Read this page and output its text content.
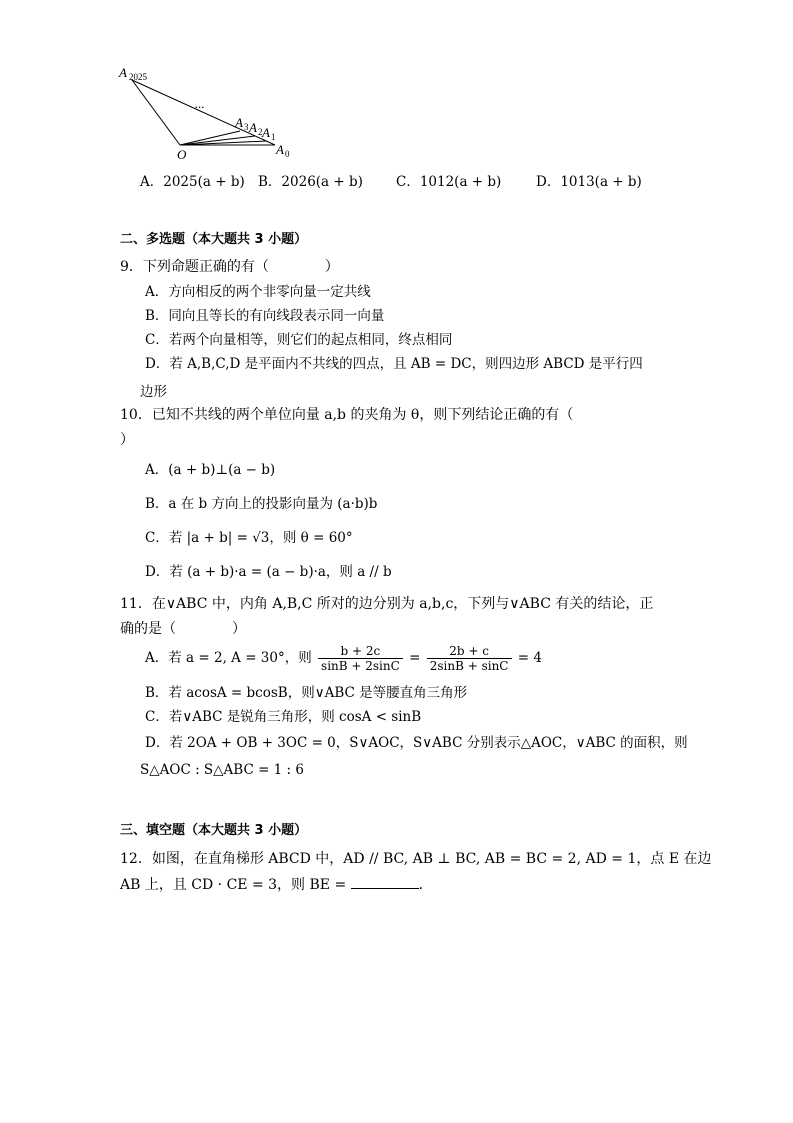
A 2025
...
A 3 A 2 A 1
A 0
O
A．2025(a + b) B．2026(a + b) C．1012(a + b)	D．1013(a + b)
二、多选题（本大题共 3 小题）
9．下列命题正确的有（　　　　）
A．方向相反的两个非零向量一定共线
B．同向且等长的有向线段表示同一向量
C．若两个向量相等，则它们的起点相同，终点相同
D．若 A,B,C,D 是平面内不共线的四点，且 AB = DC，则四边形 ABCD 是平行四
边形
10．已知不共线的两个单位向量 a,b 的夹角为 θ，则下列结论正确的有（
）
A．(a + b)⊥(a − b)
B．a 在 b 方向上的投影向量为 (a·b)b
C．若 |a + b| = √3，则 θ = 60°
D．若 (a + b)·a = (a − b)·a，则 a // b
11．在∨ABC 中，内角 A,B,C 所对的边分别为 a,b,c，下列与∨ABC 有关的结论，正
确的是（　　　　）
A．若 a = 2, A = 30°，则 $\frac{b + 2c}{\sin B + 2\sin C} = \frac{2b + c}{2\sin B + \sin C} = 4$
B．若 acosA = bcosB，则∨ABC 是等腰直角三角形
C．若∨ABC 是锐角三角形，则 cosA < sinB
D．若 2OA + OB + 3OC = 0，S∨AOC，S∨ABC 分别表示△AOC，∨ABC 的面积，则
S△AOC : S△ABC = 1 : 6
三、填空题（本大题共 3 小题）
12．如图，在直角梯形 ABCD 中，AD // BC, AB ⊥ BC, AB = BC = 2, AD = 1，点 E 在边
AB 上，且 CD · CE = 3，则 BE =	．
